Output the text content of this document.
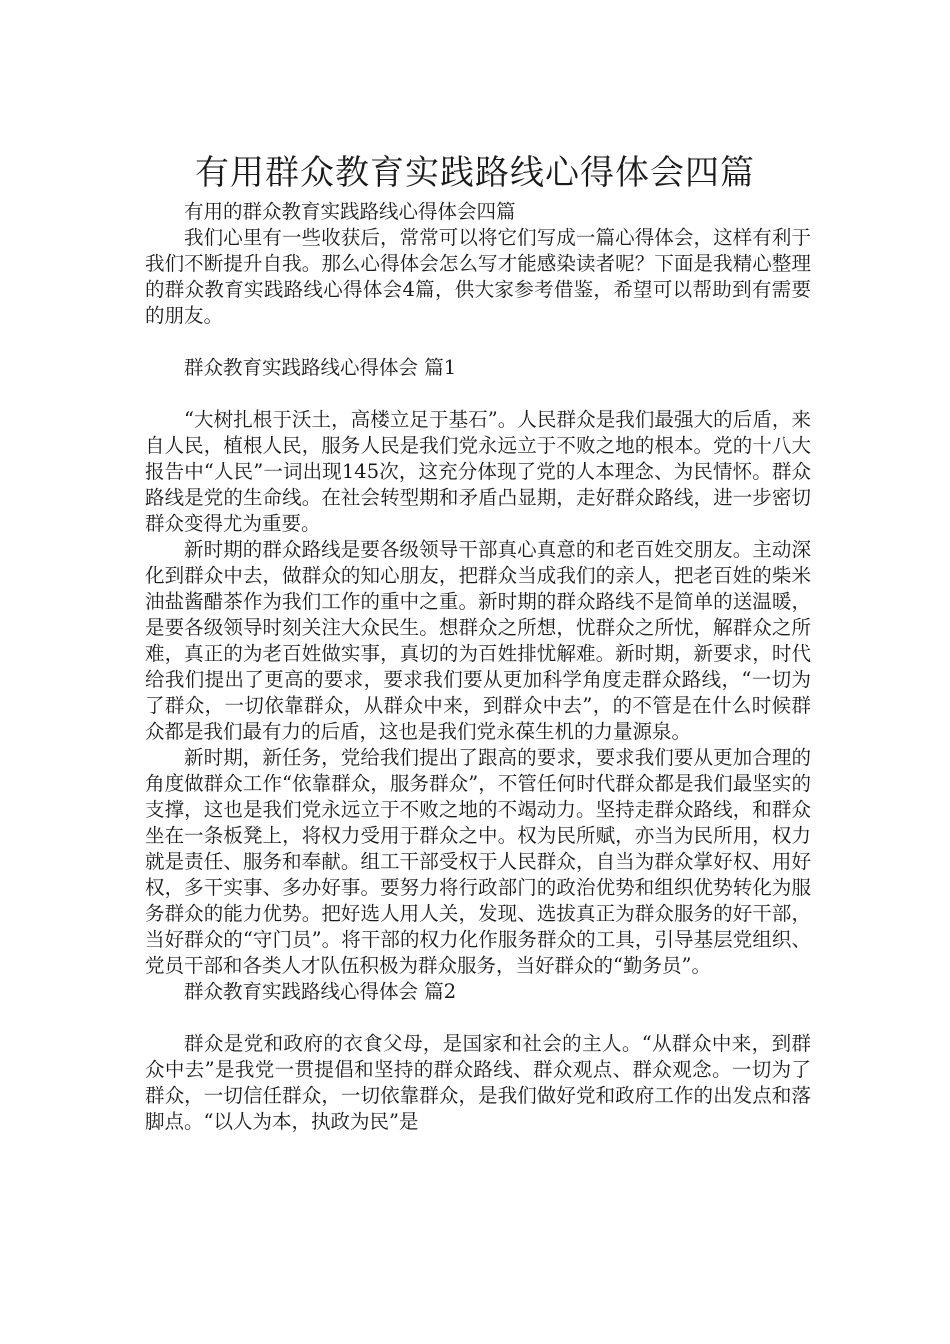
有用群众教育实践路线心得体会四篇

有用的群众教育实践路线心得体会四篇

我们心里有一些收获后，常常可以将它们写成一篇心得体会，这样有利于我们不断提升自我。那么心得体会怎么写才能感染读者呢？下面是我精心整理的群众教育实践路线心得体会4篇，供大家参考借鉴，希望可以帮助到有需要的朋友。

群众教育实践路线心得体会 篇1

“大树扎根于沃土，高楼立足于基石”。人民群众是我们最强大的后盾，来自人民，植根人民，服务人民是我们党永远立于不败之地的根本。党的十八大报告中“人民”一词出现145次，这充分体现了党的人本理念、为民情怀。群众路线是党的生命线。在社会转型期和矛盾凸显期，走好群众路线，进一步密切群众变得尤为重要。

新时期的群众路线是要各级领导干部真心真意的和老百姓交朋友。主动深化到群众中去，做群众的知心朋友，把群众当成我们的亲人，把老百姓的柴米油盐酱醋茶作为我们工作的重中之重。新时期的群众路线不是简单的送温暖，是要各级领导时刻关注大众民生。想群众之所想，忧群众之所忧，解群众之所难，真正的为老百姓做实事，真切的为百姓排忧解难。新时期，新要求，时代给我们提出了更高的要求，要求我们要从更加科学角度走群众路线，“一切为了群众，一切依靠群众，从群众中来，到群众中去”，的不管是在什么时候群众都是我们最有力的后盾，这也是我们党永葆生机的力量源泉。

新时期，新任务，党给我们提出了跟高的要求，要求我们要从更加合理的角度做群众工作“依靠群众，服务群众”，不管任何时代群众都是我们最坚实的支撑，这也是我们党永远立于不败之地的不竭动力。坚持走群众路线，和群众坐在一条板凳上，将权力受用于群众之中。权为民所赋，亦当为民所用，权力就是责任、服务和奉献。组工干部受权于人民群众，自当为群众掌好权、用好权，多干实事、多办好事。要努力将行政部门的政治优势和组织优势转化为服务群众的能力优势。把好选人用人关，发现、选拔真正为群众服务的好干部，当好群众的“守门员”。将干部的权力化作服务群众的工具，引导基层党组织、党员干部和各类人才队伍积极为群众服务，当好群众的“勤务员”。

群众教育实践路线心得体会 篇2

群众是党和政府的衣食父母，是国家和社会的主人。“从群众中来，到群众中去”是我党一贯提倡和坚持的群众路线、群众观点、群众观念。一切为了群众，一切信任群众，一切依靠群众，是我们做好党和政府工作的出发点和落脚点。“以人为本，执政为民”是
